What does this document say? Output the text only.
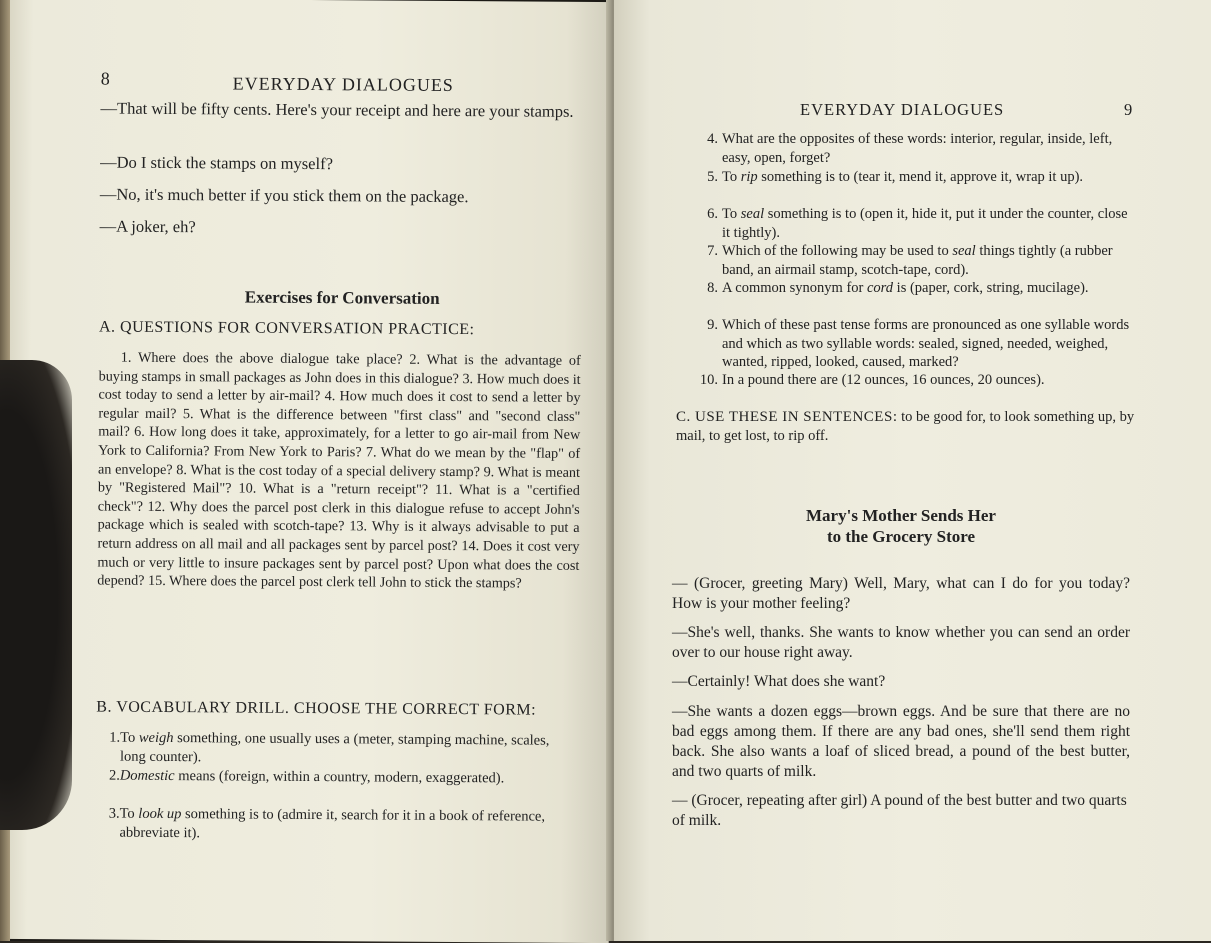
8	EVERYDAY DIALOGUES
—That will be fifty cents. Here's your receipt and here are your stamps.
—Do I stick the stamps on myself?
—No, it's much better if you stick them on the package.
—A joker, eh?
Exercises for Conversation
A. QUESTIONS FOR CONVERSATION PRACTICE:
1. Where does the above dialogue take place? 2. What is the advantage of buying stamps in small packages as John does in this dialogue? 3. How much does it cost today to send a letter by air-mail? 4. How much does it cost to send a letter by regular mail? 5. What is the difference between "first class" and "second class" mail? 6. How long does it take, approximately, for a letter to go air-mail from New York to California? From New York to Paris? 7. What do we mean by the "flap" of an envelope? 8. What is the cost today of a special delivery stamp? 9. What is meant by "Registered Mail"? 10. What is a "return receipt"? 11. What is a "certified check"? 12. Why does the parcel post clerk in this dialogue refuse to accept John's package which is sealed with scotch-tape? 13. Why is it always advisable to put a return address on all mail and all packages sent by parcel post? 14. Does it cost very much or very little to insure packages sent by parcel post? Upon what does the cost depend? 15. Where does the parcel post clerk tell John to stick the stamps?
B. VOCABULARY DRILL. CHOOSE THE CORRECT FORM:
1. To weigh something, one usually uses a (meter, stamping machine, scales, long counter).
2. Domestic means (foreign, within a country, modern, exaggerated).
3. To look up something is to (admire it, search for it in a book of reference, abbreviate it).
EVERYDAY DIALOGUES	9
4. What are the opposites of these words: interior, regular, inside, left, easy, open, forget?
5. To rip something is to (tear it, mend it, approve it, wrap it up).
6. To seal something is to (open it, hide it, put it under the counter, close it tightly).
7. Which of the following may be used to seal things tightly (a rubber band, an airmail stamp, scotch-tape, cord).
8. A common synonym for cord is (paper, cork, string, mucilage).
9. Which of these past tense forms are pronounced as one syllable words and which as two syllable words: sealed, signed, needed, weighed, wanted, ripped, looked, caused, marked?
10. In a pound there are (12 ounces, 16 ounces, 20 ounces).
C. USE THESE IN SENTENCES: to be good for, to look something up, by mail, to get lost, to rip off.
Mary's Mother Sends Her
to the Grocery Store
— (Grocer, greeting Mary) Well, Mary, what can I do for you today? How is your mother feeling?
—She's well, thanks. She wants to know whether you can send an order over to our house right away.
—Certainly! What does she want?
—She wants a dozen eggs—brown eggs. And be sure that there are no bad eggs among them. If there are any bad ones, she'll send them right back. She also wants a loaf of sliced bread, a pound of the best butter, and two quarts of milk.
— (Grocer, repeating after girl) A pound of the best butter and two quarts of milk.
